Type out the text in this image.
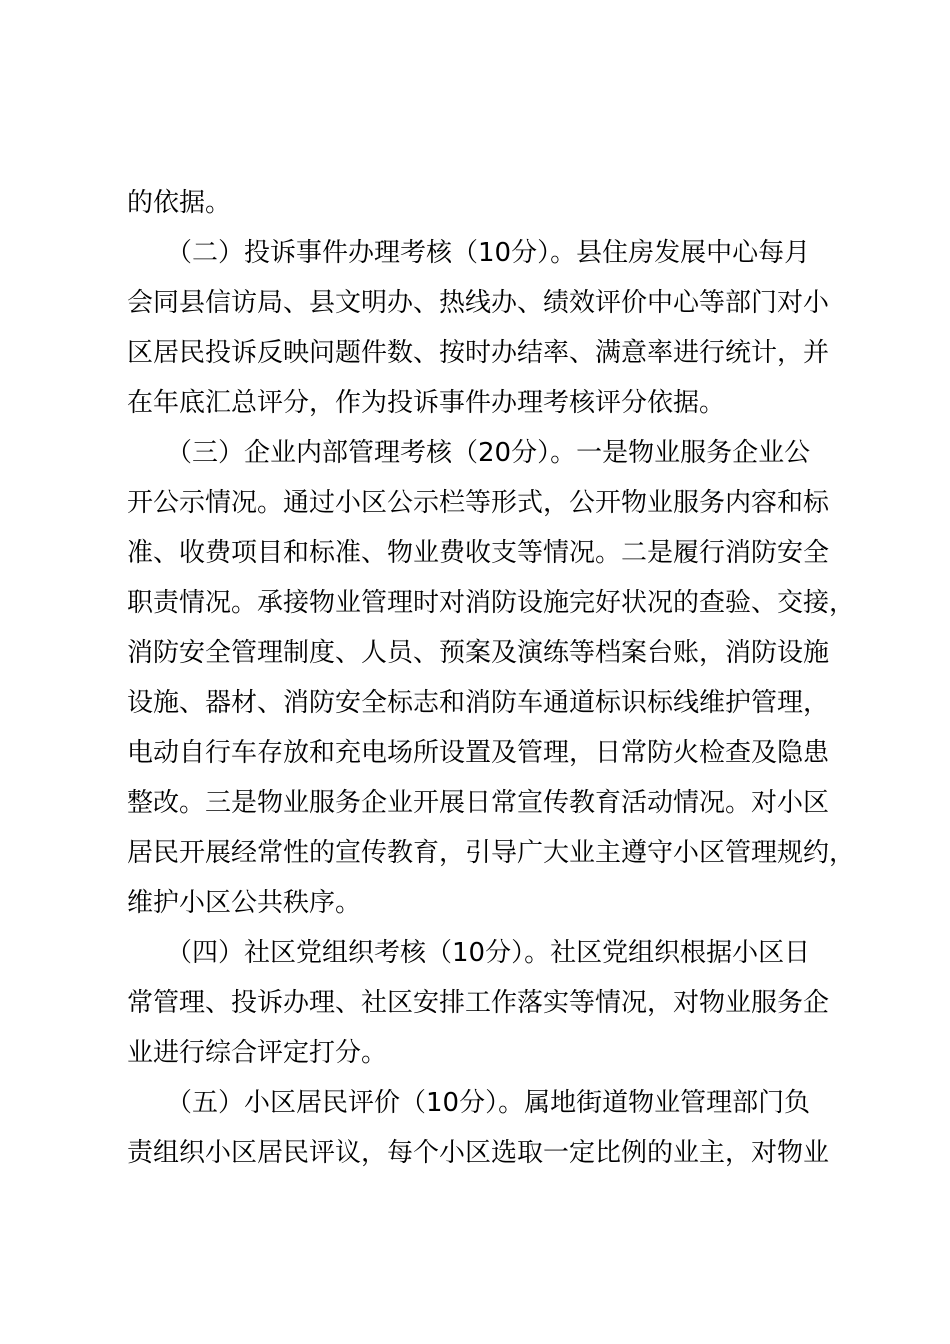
的依据。
　　（二）投诉事件办理考核（10分）。县住房发展中心每月
会同县信访局、县文明办、热线办、绩效评价中心等部门对小
区居民投诉反映问题件数、按时办结率、满意率进行统计，并
在年底汇总评分，作为投诉事件办理考核评分依据。
　　（三）企业内部管理考核（20分）。一是物业服务企业公
开公示情况。通过小区公示栏等形式，公开物业服务内容和标
准、收费项目和标准、物业费收支等情况。二是履行消防安全
职责情况。承接物业管理时对消防设施完好状况的查验、交接，
消防安全管理制度、人员、预案及演练等档案台账，消防设施
设施、器材、消防安全标志和消防车通道标识标线维护管理，
电动自行车存放和充电场所设置及管理，日常防火检查及隐患
整改。三是物业服务企业开展日常宣传教育活动情况。对小区
居民开展经常性的宣传教育，引导广大业主遵守小区管理规约，
维护小区公共秩序。
　　（四）社区党组织考核（10分）。社区党组织根据小区日
常管理、投诉办理、社区安排工作落实等情况，对物业服务企
业进行综合评定打分。
　　（五）小区居民评价（10分）。属地街道物业管理部门负
责组织小区居民评议，每个小区选取一定比例的业主，对物业
